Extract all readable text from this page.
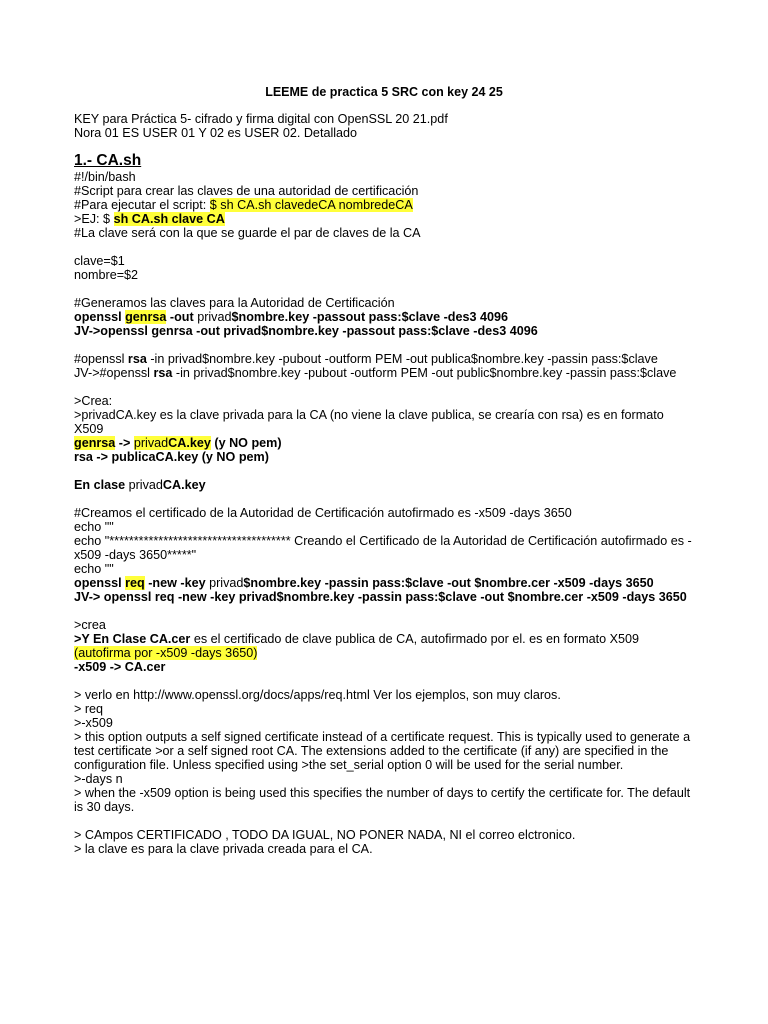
LEEME de practica 5 SRC con key 24 25
KEY para Práctica 5- cifrado y firma digital con OpenSSL 20 21.pdf
Nora 01 ES USER 01 Y 02 es USER 02. Detallado
1.- CA.sh
#!/bin/bash
#Script para crear las claves de una autoridad de certificación
#Para ejecutar el script: $ sh CA.sh clavedeCA nombredeCA
>EJ: $ sh CA.sh clave CA
#La clave será con la que se guarde el par de claves de la CA
clave=$1
nombre=$2
#Generamos las claves para la Autoridad de Certificación
openssl genrsa -out privad$nombre.key -passout pass:$clave -des3 4096
JV->openssl genrsa -out privad$nombre.key -passout pass:$clave -des3 4096
#openssl rsa -in privad$nombre.key -pubout -outform PEM -out publica$nombre.key -passin pass:$clave
JV->#openssl rsa -in privad$nombre.key -pubout -outform PEM -out public$nombre.key -passin pass:$clave
>Crea:
>privadCA.key es la clave privada para la CA (no viene la clave publica, se crearía con rsa) es en formato X509
genrsa -> privadCA.key (y NO pem)
rsa -> publicaCA.key (y NO pem)
En clase privadCA.key
#Creamos el certificado de la Autoridad de Certificación autofirmado es -x509 -days 3650
echo ""
echo "************************************* Creando el Certificado de la Autoridad de Certificación autofirmado es -x509 -days 3650*****"
echo ""
openssl req -new -key privad$nombre.key -passin pass:$clave -out $nombre.cer -x509 -days 3650
JV-> openssl req -new -key privad$nombre.key -passin pass:$clave -out $nombre.cer -x509 -days 3650
>crea
>Y En Clase CA.cer es el certificado de clave publica de CA, autofirmado por el. es en formato X509 (autofirma por -x509 -days 3650)
-x509 -> CA.cer
> verlo en http://www.openssl.org/docs/apps/req.html Ver los ejemplos, son muy claros.
> req
>-x509
> this option outputs a self signed certificate instead of a certificate request. This is typically used to generate a test certificate >or a self signed root CA. The extensions added to the certificate (if any) are specified in the configuration file. Unless specified using >the set_serial option 0 will be used for the serial number.
>-days n
> when the -x509 option is being used this specifies the number of days to certify the certificate for. The default is 30 days.
> CAmpos CERTIFICADO , TODO DA IGUAL, NO PONER NADA, NI el correo elctronico.
> la clave es para la clave privada creada para el CA.
